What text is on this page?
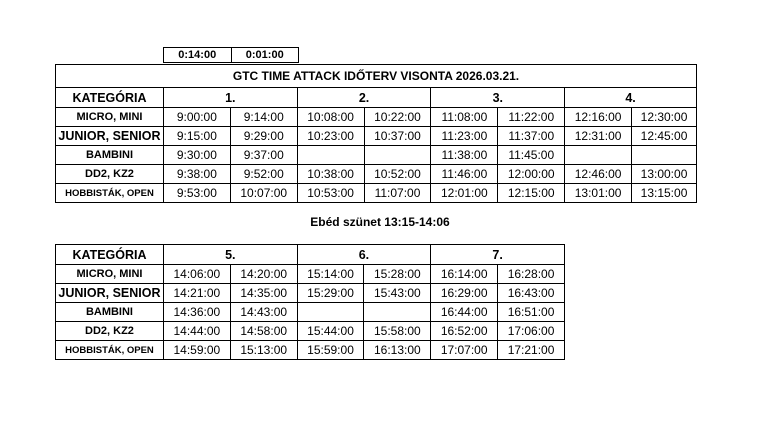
0:14:00	0:01:00
GTC TIME ATTACK IDŐTERV VISONTA 2026.03.21.								
KATEGÓRIA	1.		2.		3.		4.	
MICRO, MINI	9:00:00	9:14:00	10:08:00	10:22:00	11:08:00	11:22:00	12:16:00	12:30:00
JUNIOR, SENIOR	9:15:00	9:29:00	10:23:00	10:37:00	11:23:00	11:37:00	12:31:00	12:45:00
BAMBINI	9:30:00	9:37:00			11:38:00	11:45:00		
DD2, KZ2	9:38:00	9:52:00	10:38:00	10:52:00	11:46:00	12:00:00	12:46:00	13:00:00
HOBBISTÁK, OPEN	9:53:00	10:07:00	10:53:00	11:07:00	12:01:00	12:15:00	13:01:00	13:15:00
Ebéd szünet 13:15-14:06
KATEGÓRIA	5.		6.		7.	
MICRO, MINI	14:06:00	14:20:00	15:14:00	15:28:00	16:14:00	16:28:00
JUNIOR, SENIOR	14:21:00	14:35:00	15:29:00	15:43:00	16:29:00	16:43:00
BAMBINI	14:36:00	14:43:00			16:44:00	16:51:00
DD2, KZ2	14:44:00	14:58:00	15:44:00	15:58:00	16:52:00	17:06:00
HOBBISTÁK, OPEN	14:59:00	15:13:00	15:59:00	16:13:00	17:07:00	17:21:00
